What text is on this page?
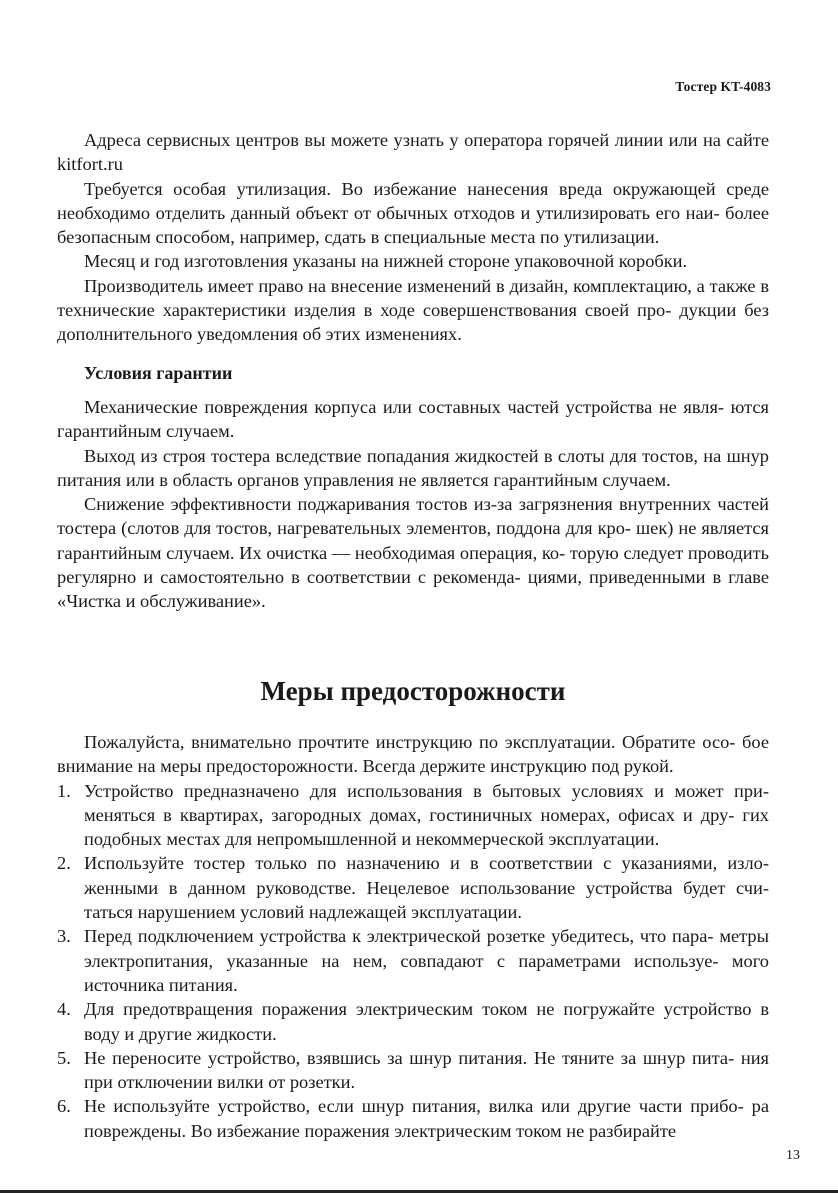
Тостер KT-4083

Адреса сервисных центров вы можете узнать у оператора горячей линии или на сайте kitfort.ru

Требуется особая утилизация. Во избежание нанесения вреда окружающей среде необходимо отделить данный объект от обычных отходов и утилизировать его наи- более безопасным способом, например, сдать в специальные места по утилизации.

Месяц и год изготовления указаны на нижней стороне упаковочной коробки.

Производитель имеет право на внесение изменений в дизайн, комплектацию, а также в технические характеристики изделия в ходе совершенствования своей про- дукции без дополнительного уведомления об этих изменениях.

Условия гарантии

Механические повреждения корпуса или составных частей устройства не явля- ются гарантийным случаем.

Выход из строя тостера вследствие попадания жидкостей в слоты для тостов, на шнур питания или в область органов управления не является гарантийным случаем.

Снижение эффективности поджаривания тостов из-за загрязнения внутренних частей тостера (слотов для тостов, нагревательных элементов, поддона для кро- шек) не является гарантийным случаем. Их очистка — необходимая операция, ко- торую следует проводить регулярно и самостоятельно в соответствии с рекоменда- циями, приведенными в главе «Чистка и обслуживание».

Меры предосторожности

Пожалуйста, внимательно прочтите инструкцию по эксплуатации. Обратите осо- бое внимание на меры предосторожности. Всегда держите инструкцию под рукой.

1. Устройство предназначено для использования в бытовых условиях и может при- меняться в квартирах, загородных домах, гостиничных номерах, офисах и дру- гих подобных местах для непромышленной и некоммерческой эксплуатации.
2. Используйте тостер только по назначению и в соответствии с указаниями, изло- женными в данном руководстве. Нецелевое использование устройства будет счи- таться нарушением условий надлежащей эксплуатации.
3. Перед подключением устройства к электрической розетке убедитесь, что пара- метры электропитания, указанные на нем, совпадают с параметрами используе- мого источника питания.
4. Для предотвращения поражения электрическим током не погружайте устройство в воду и другие жидкости.
5. Не переносите устройство, взявшись за шнур питания. Не тяните за шнур пита- ния при отключении вилки от розетки.
6. Не используйте устройство, если шнур питания, вилка или другие части прибо- ра повреждены. Во избежание поражения электрическим током не разбирайте
13
